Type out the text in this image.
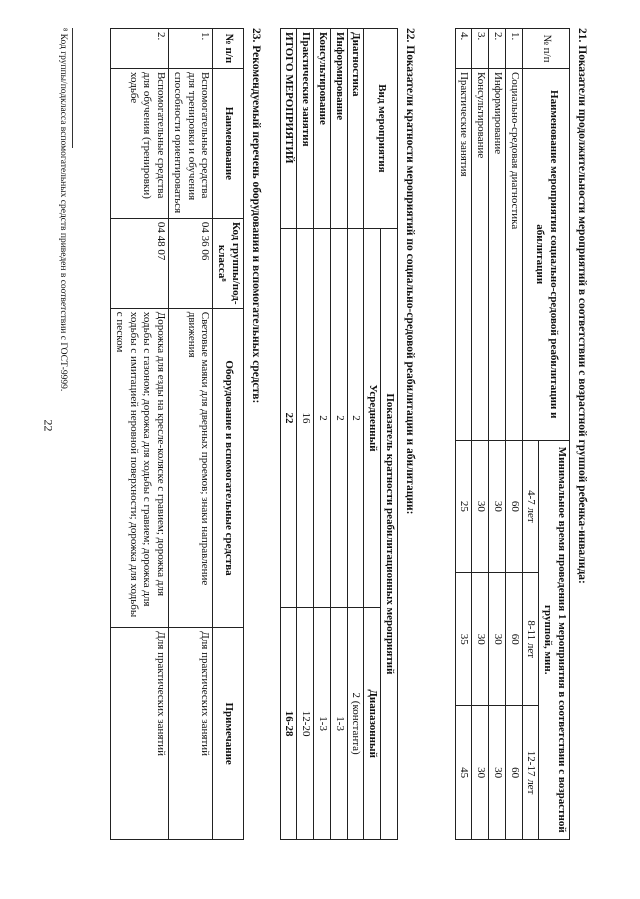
22	21. Показатели продолжительности мероприятий в соответствии с возрастной группой ребенка-инвалида:
№ п/п	Наименование мероприятия социально-средовой реабилитации и абилитации	Минимальное время проведения 1 мероприятия в соответствии с возрастной группой, мин.		
		4-7 лет	8-11 лет	12-17 лет
1.	Социально-средовая диагностика	60	60	60
2.	Информирование	30	30	30
3.	Консультирование	30	30	30
4.	Практические занятия	25	35	45
22. Показатели кратности мероприятий по социально-средовой реабилитации и абилитации:
Вид мероприятия	Показатель кратности реабилитационных мероприятий	
	Усредненный	Диапазонный
Диагностика	2	2 (константа)
Информирование	2	1-3
Консультирование	2	1-3
Практические занятия	16	12-20
ИТОГО МЕРОПРИЯТИЙ	22	16-28
23. Рекомендуемый перечень оборудования и вспомогательных средств:
№ п/п	Наименование	Код группы/под-класса⁸	Оборудование и вспомогательные средства	Примечание
1.	Вспомогательные средства для тренировки и обучения способности ориентироваться	04 36 06	Световые маяки для дверных проемов; знаки направление движения	Для практических занятий
2.	Вспомогательные средства для обучения (тренировки) ходьбе	04 48 07	Дорожка для езды на кресле-коляске с гравием; дорожка для ходьбы с газоном; дорожка для ходьбы с гравием; дорожка для ходьбы с имитацией неровной поверхности; дорожка для ходьбы с песком	Для практических занятий
⁸ Код группы/подкласса вспомогательных средств приведен в соответствии с ГОСТ-9999.
